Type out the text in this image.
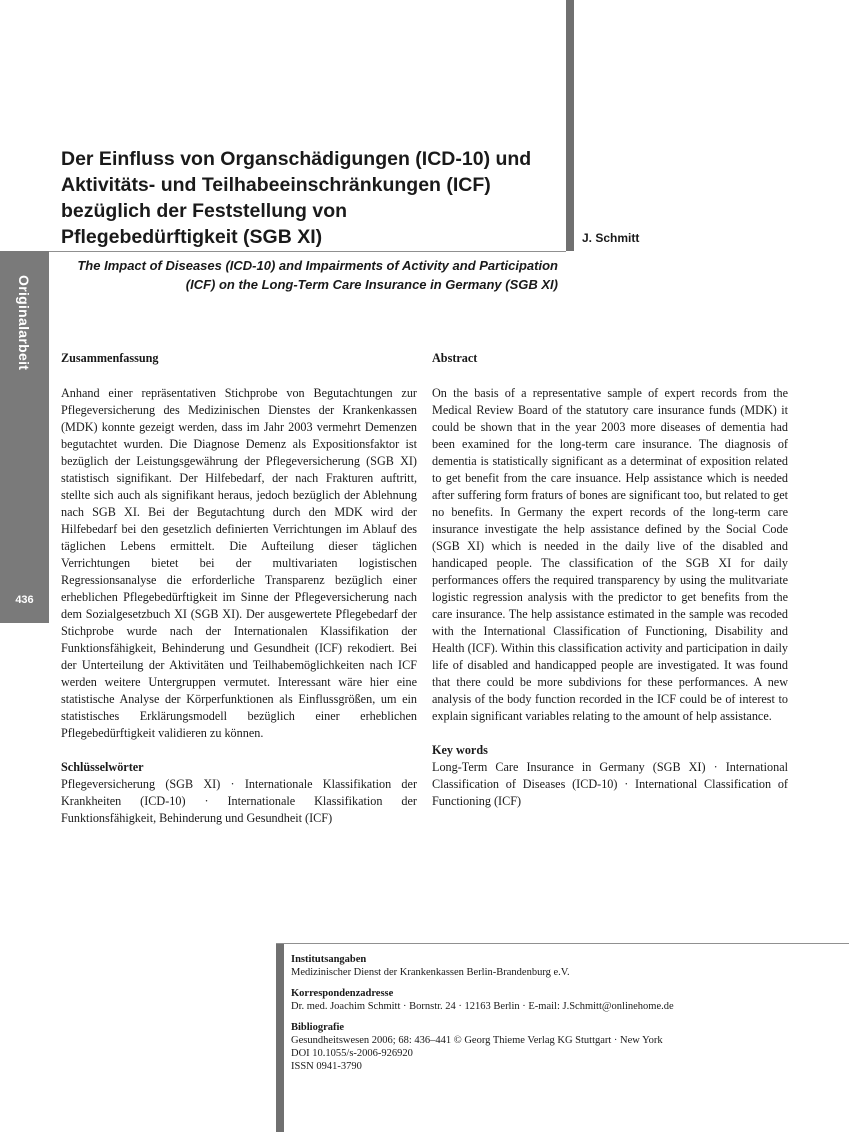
Originalarbeit
436
Der Einfluss von Organschädigungen (ICD-10) und
Aktivitäts- und Teilhabeeinschränkungen (ICF)
bezüglich der Feststellung von
Pflegebedürftigkeit (SGB XI)	J. Schmitt
The Impact of Diseases (ICD-10) and Impairments of Activity and Participation
(ICF) on the Long-Term Care Insurance in Germany (SGB XI)
Zusammenfassung

Anhand einer repräsentativen Stichprobe von Begutachtungen zur Pflegeversicherung des Medizinischen Dienstes der Krankenkassen (MDK) konnte gezeigt werden, dass im Jahr 2003 vermehrt Demenzen begutachtet wurden. Die Diagnose Demenz als Expositionsfaktor ist bezüglich der Leistungsgewährung der Pflegeversicherung (SGB XI) statistisch signifikant. Der Hilfebedarf, der nach Frakturen auftritt, stellte sich auch als signifikant heraus, jedoch bezüglich der Ablehnung nach SGB XI. Bei der Begutachtung durch den MDK wird der Hilfebedarf bei den gesetzlich definierten Verrichtungen im Ablauf des täglichen Lebens ermittelt. Die Aufteilung dieser täglichen Verrichtungen bietet bei der multivariaten logistischen Regressionsanalyse die erforderliche Transparenz bezüglich einer erheblichen Pflegebedürftigkeit im Sinne der Pflegeversicherung nach dem Sozialgesetzbuch XI (SGB XI). Der ausgewertete Pflegebedarf der Stichprobe wurde nach der Internationalen Klassifikation der Funktionsfähigkeit, Behinderung und Gesundheit (ICF) rekodiert. Bei der Unterteilung der Aktivitäten und Teilhabemöglichkeiten nach ICF werden weitere Untergruppen vermutet. Interessant wäre hier eine statistische Analyse der Körperfunktionen als Einflussgrößen, um ein statistisches Erklärungsmodell bezüglich einer erheblichen Pflegebedürftigkeit validieren zu können.

Schlüsselwörter

Pflegeversicherung (SGB XI) · Internationale Klassifikation der Krankheiten (ICD-10) · Internationale Klassifikation der Funktionsfähigkeit, Behinderung und Gesundheit (ICF)

Abstract

On the basis of a representative sample of expert records from the Medical Review Board of the statutory care insurance funds (MDK) it could be shown that in the year 2003 more diseases of dementia had been examined for the long-term care insurance. The diagnosis of dementia is statistically significant as a determinat of exposition related to get benefit from the care insuance. Help assistance which is needed after suffering form fraturs of bones are significant too, but related to get no benefits. In Germany the expert records of the long-term care insurance investigate the help assistance defined by the Social Code (SGB XI) which is needed in the daily live of the disabled and handicaped people. The classification of the SGB XI for daily performances offers the required transparency by using the mulitvariate logistic regression analysis with the predictor to get benefits from the care insurance. The help assistance estimated in the sample was recoded with the International Classification of Functioning, Disability and Health (ICF). Within this classification activity and participation in daily life of disabled and handicapped people are investigated. It was found that there could be more subdivions for these performances. A new analysis of the body function recorded in the ICF could be of interest to explain significant variables relating to the amount of help assistance.

Key words

Long-Term Care Insurance in Germany (SGB XI) · International Classification of Diseases (ICD-10) · International Classification of Functioning (ICF)

Institutsangaben
Medizinischer Dienst der Krankenkassen Berlin-Brandenburg e.V.
Korrespondenzadresse
Dr. med. Joachim Schmitt · Bornstr. 24 · 12163 Berlin · E-mail: J.Schmitt@onlinehome.de
Bibliografie
Gesundheitswesen 2006; 68: 436–441 © Georg Thieme Verlag KG Stuttgart · New York
DOI 10.1055/s-2006-926920
ISSN 0941-3790
